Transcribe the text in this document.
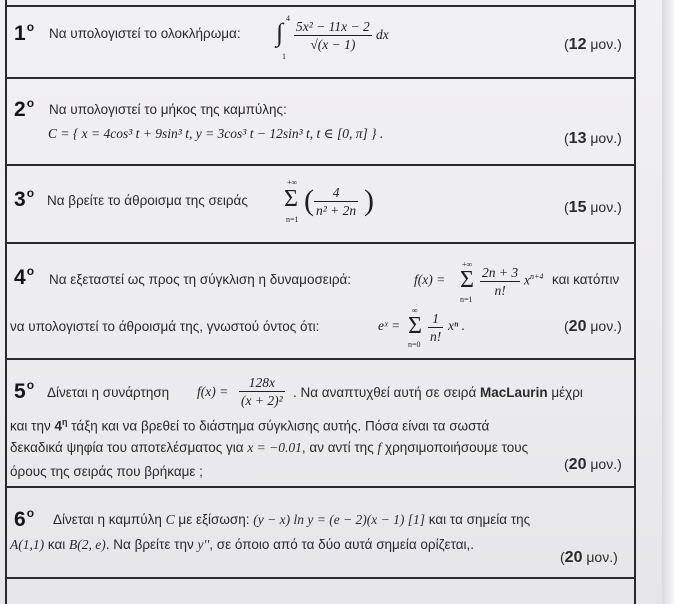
$1^o$ Να υπολογιστεί το ολοκλήρωμα: ∫ 4
1
$\frac{\text{5x² − 11x − 2}}{√(x - 1)}$ dx
(12 μον.)
$2^o$ Να υπολογιστεί το μήκος της καμπύλης:
C = { x = 4cos³ t + 9sin³ t, y = 3cos³ t − 12sin³ t, t ∈ [0, π] } .	(13 μον.)
$3^o$ Να βρείτε το άθροισμα της σειράς
+∞
Σ
n=1
( $\frac{4}{\text{n² + 2n}}$ )	(15 μον.)
$4^o$
Να εξεταστεί ως προς τη σύγκλιση η δυναμοσειρά:	f(x) =
+∞
Σ
n=1
$\frac{2n + 3}{n!} x^{n+4}$ και κατόπιν
να υπολογιστεί το άθροισμά της, γνωστού όντος ότι:	eˣ =
∞
Σ
$n=0 \frac{1}{n!}$ xⁿ .	(20 μον.)
$5^o$ Δίνεται η συνάρτηση $f(x) = \frac{128x}{\text{(x + 2)²}}$ . Να αναπτυχθεί αυτή σε σειρά MacLaurin μέχρι
και την $4^\eta$ τάξη και να βρεθεί το διάστημα σύγκλισης αυτής. Πόσα είναι τα σωστά
δεκαδικά ψηφία του αποτελέσματος για x = −0.01, αν αντί της f χρησιμοποιήσουμε τους
όρους της σειράς που βρήκαμε ;	(20 μον.)
$6^o$ Δίνεται η καμπύλη C με εξίσωση: (y − x) ln y = (e − 2)(x − 1) [1] και τα σημεία της
A(1,1) και B(2, e). Να βρείτε την y'', σε όποιο από τα δύο αυτά σημεία ορίζεται,.
(20 μον.)
